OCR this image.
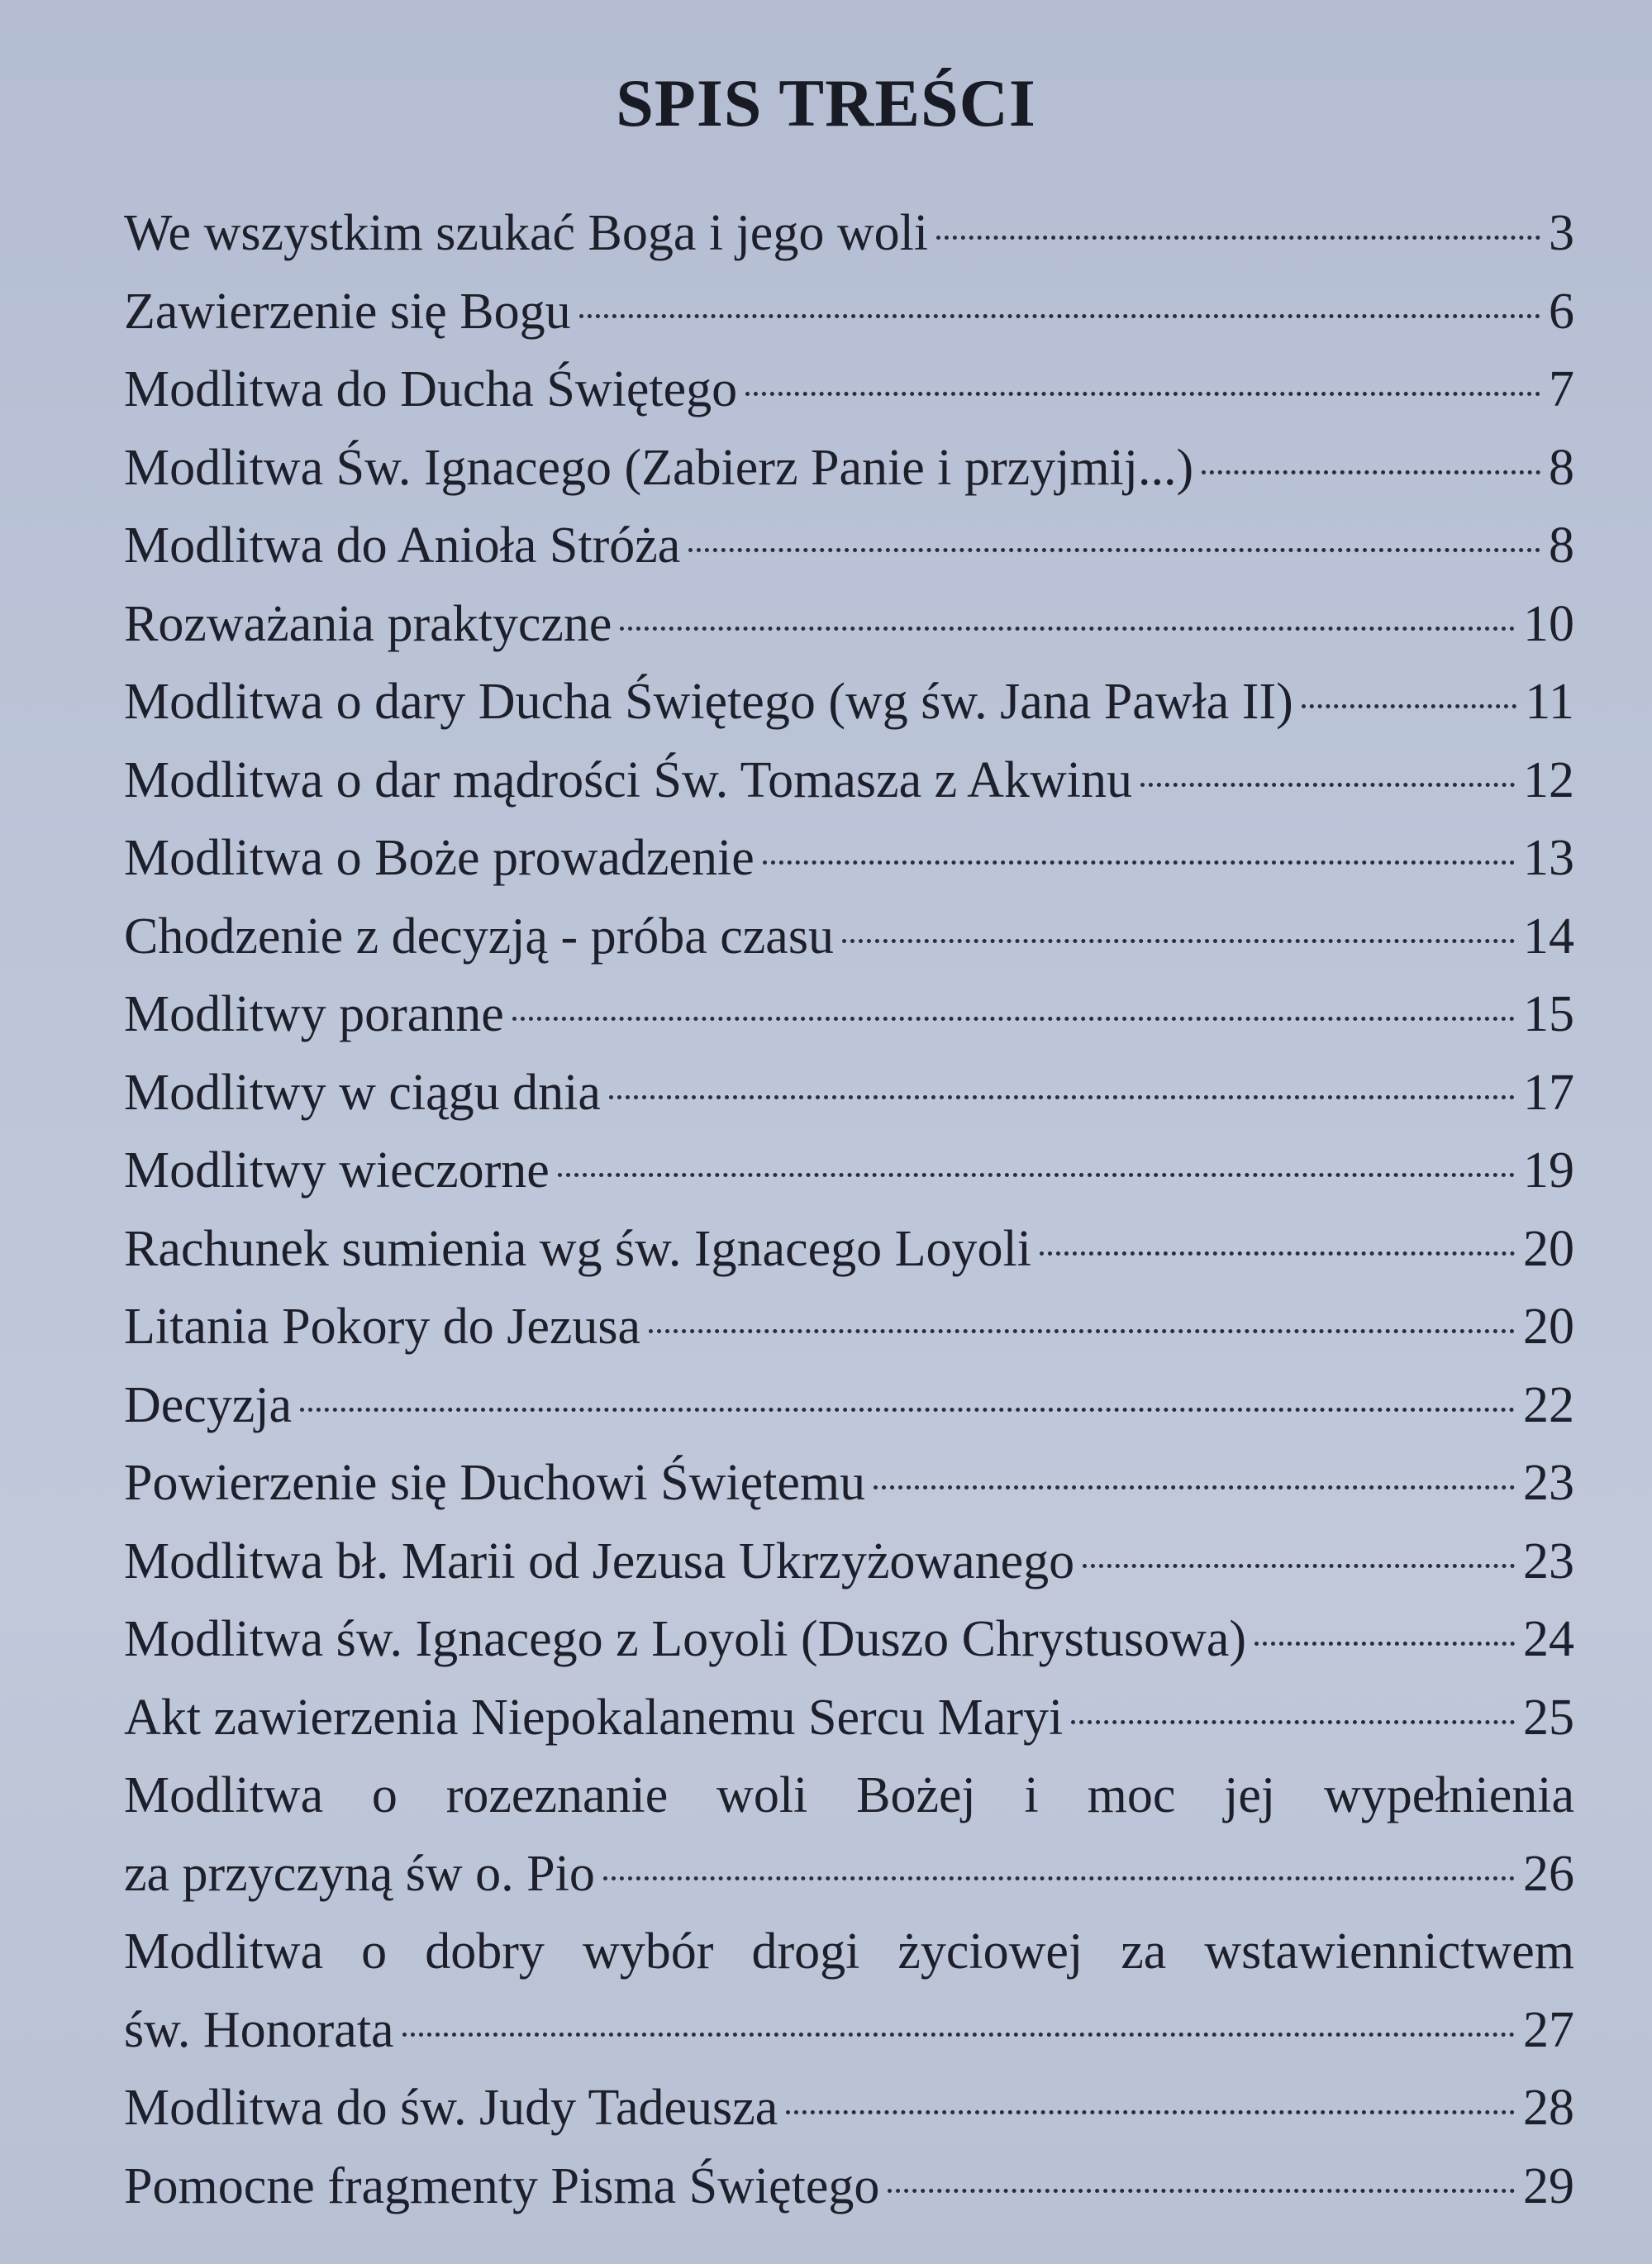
SPIS TREŚCI
We wszystkim szukać Boga i jego woli	3
Zawierzenie się Bogu	6
Modlitwa do Ducha Świętego	7
Modlitwa Św. Ignacego (Zabierz Panie i przyjmij...)	8
Modlitwa do Anioła Stróża	8
Rozważania praktyczne	10
Modlitwa o dary Ducha Świętego (wg św. Jana Pawła II)	11
Modlitwa o dar mądrości Św. Tomasza z Akwinu	12
Modlitwa o Boże prowadzenie	13
Chodzenie z decyzją - próba czasu	14
Modlitwy poranne	15
Modlitwy w ciągu dnia	17
Modlitwy wieczorne	19
Rachunek sumienia wg św. Ignacego Loyoli	20
Litania Pokory do Jezusa	20
Decyzja	22
Powierzenie się Duchowi Świętemu	23
Modlitwa bł. Marii od Jezusa Ukrzyżowanego	23
Modlitwa św. Ignacego z Loyoli (Duszo Chrystusowa)	24
Akt zawierzenia Niepokalanemu Sercu Maryi	25
Modlitwa o rozeznanie woli Bożej i moc jej wypełnienia
za przyczyną św o. Pio	26
Modlitwa o dobry wybór drogi życiowej za wstawiennictwem
św. Honorata	27
Modlitwa do św. Judy Tadeusza	28
Pomocne fragmenty Pisma Świętego	29
